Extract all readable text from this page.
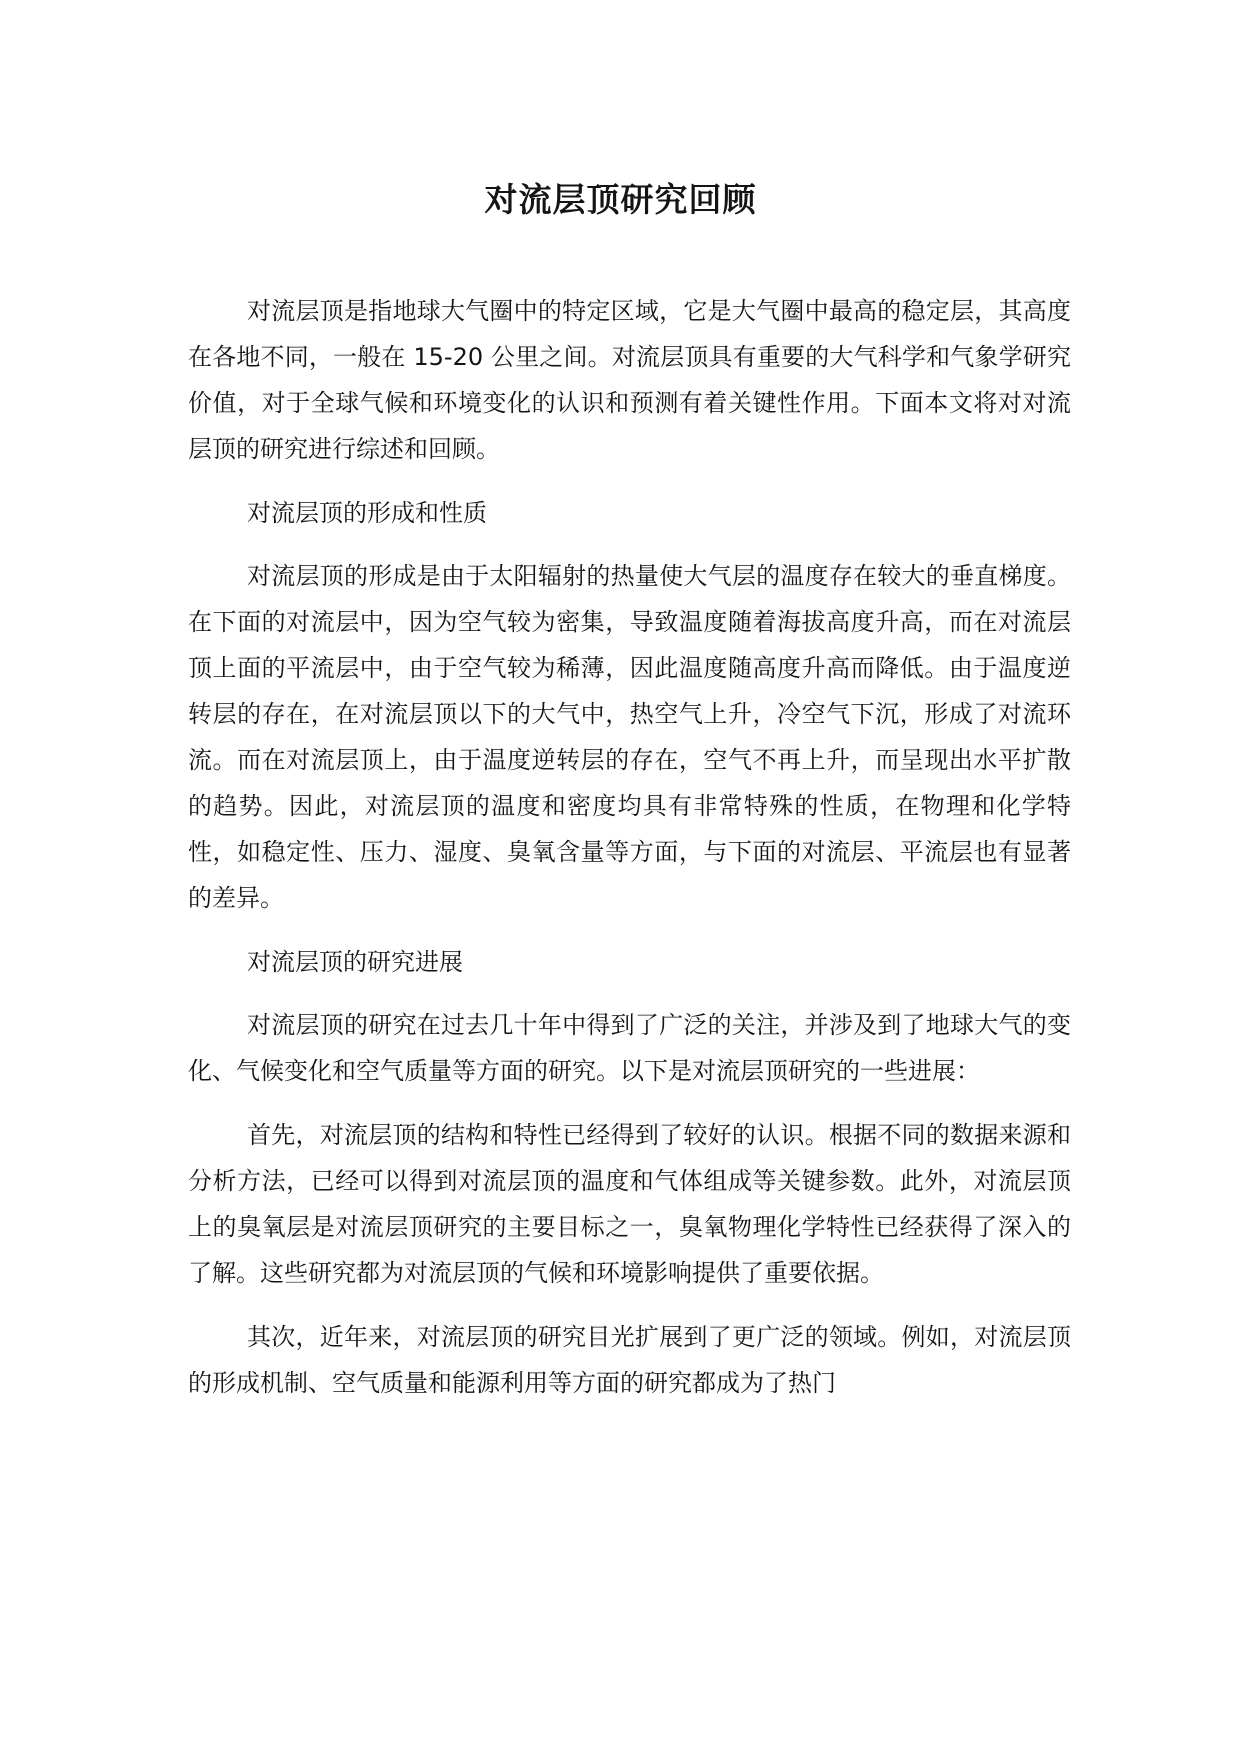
对流层顶研究回顾

对流层顶是指地球大气圈中的特定区域，它是大气圈中最高的稳定层，其高度在各地不同，一般在 15-20 公里之间。对流层顶具有重要的大气科学和气象学研究价值，对于全球气候和环境变化的认识和预测有着关键性作用。下面本文将对对流层顶的研究进行综述和回顾。

对流层顶的形成和性质

对流层顶的形成是由于太阳辐射的热量使大气层的温度存在较大的垂直梯度。在下面的对流层中，因为空气较为密集，导致温度随着海拔高度升高，而在对流层顶上面的平流层中，由于空气较为稀薄，因此温度随高度升高而降低。由于温度逆转层的存在，在对流层顶以下的大气中，热空气上升，冷空气下沉，形成了对流环流。而在对流层顶上，由于温度逆转层的存在，空气不再上升，而呈现出水平扩散的趋势。因此，对流层顶的温度和密度均具有非常特殊的性质，在物理和化学特性，如稳定性、压力、湿度、臭氧含量等方面，与下面的对流层、平流层也有显著的差异。

对流层顶的研究进展

对流层顶的研究在过去几十年中得到了广泛的关注，并涉及到了地球大气的变化、气候变化和空气质量等方面的研究。以下是对流层顶研究的一些进展：

首先，对流层顶的结构和特性已经得到了较好的认识。根据不同的数据来源和分析方法，已经可以得到对流层顶的温度和气体组成等关键参数。此外，对流层顶上的臭氧层是对流层顶研究的主要目标之一，臭氧物理化学特性已经获得了深入的了解。这些研究都为对流层顶的气候和环境影响提供了重要依据。

其次，近年来，对流层顶的研究目光扩展到了更广泛的领域。例如，对流层顶的形成机制、空气质量和能源利用等方面的研究都成为了热门
